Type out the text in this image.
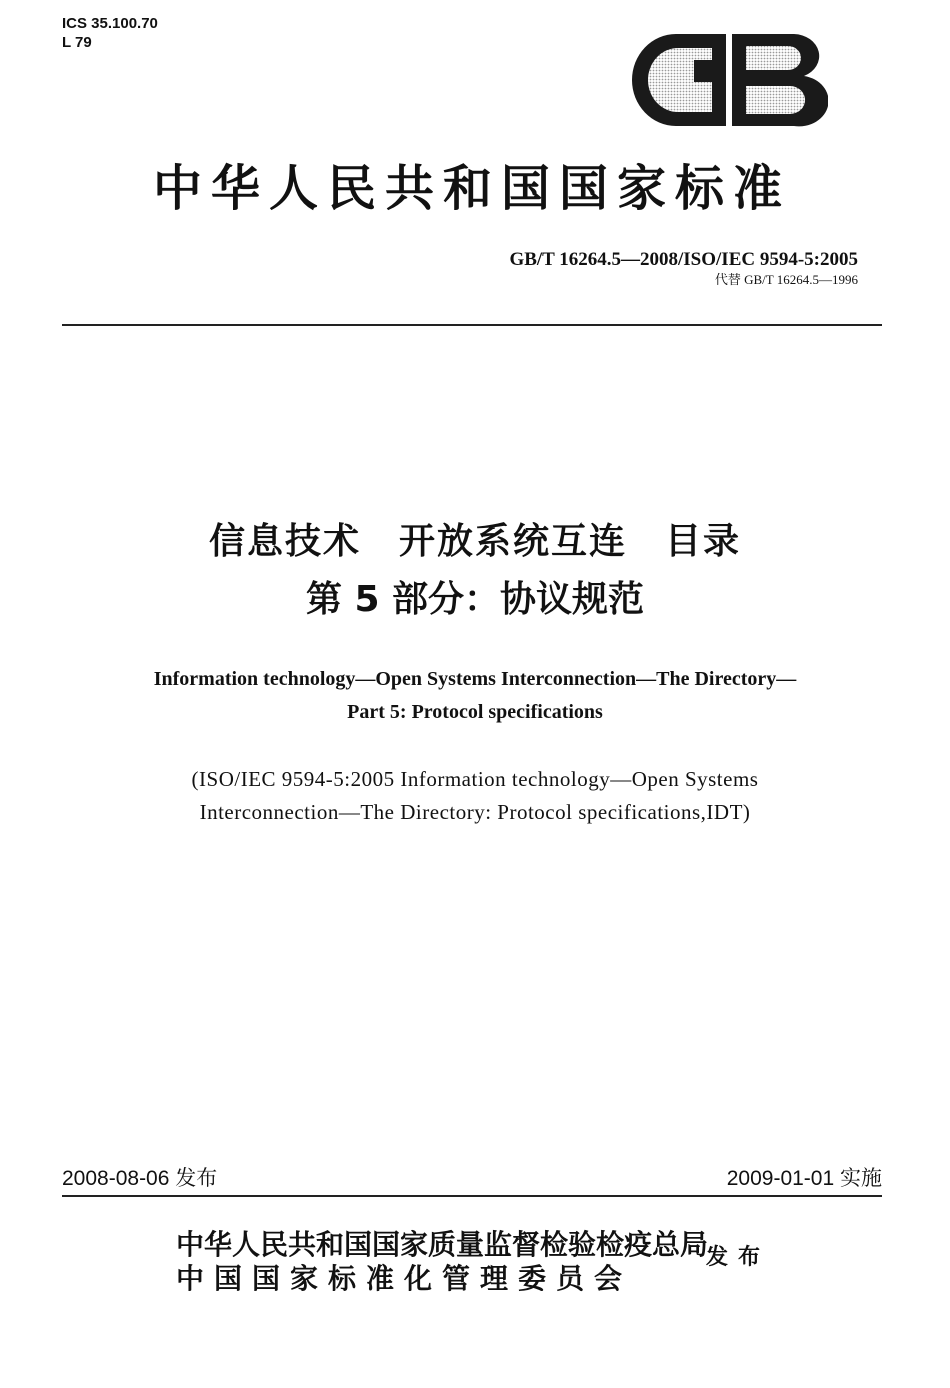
ICS 35.100.70
L 79
中华人民共和国国家标准
GB/T 16264.5—2008/ISO/IEC 9594-5:2005
代替 GB/T 16264.5—1996
信息技术　开放系统互连　目录
第 5 部分：协议规范
Information technology—Open Systems Interconnection—The Directory—
Part 5: Protocol specifications
(ISO/IEC 9594-5:2005 Information technology—Open Systems
Interconnection—The Directory: Protocol specifications,IDT)
2008-08-06 发布	2009-01-01 实施
中华人民共和国国家质量监督检验检疫总局
中国国家标准化管理委员会
发布
